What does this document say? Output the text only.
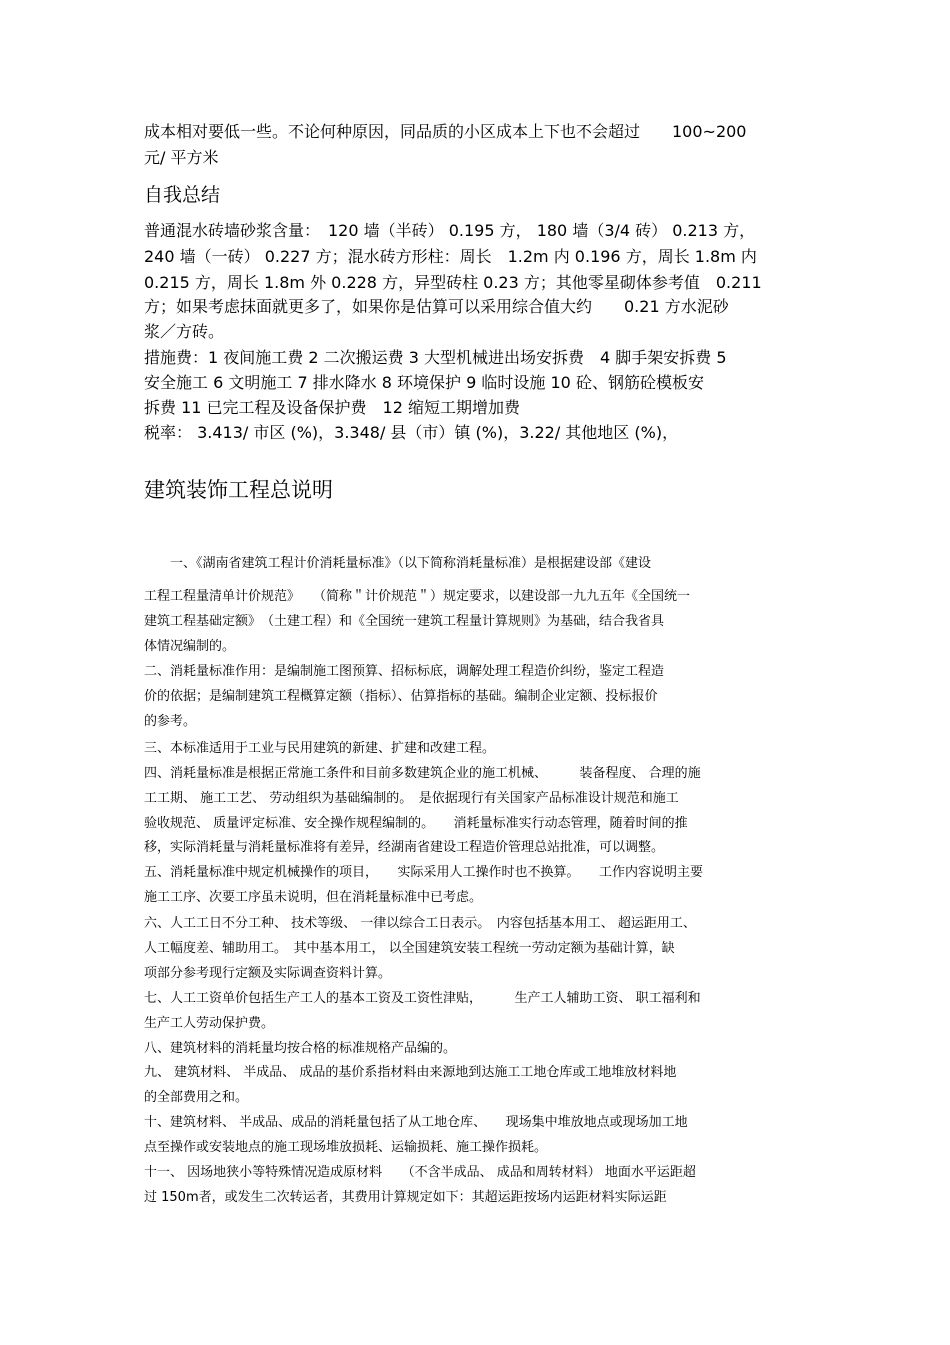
成本相对要低一些。不论何种原因，同品质的小区成本上下也不会超过　　100~200
元/ 平方米
自我总结
普通混水砖墙砂浆含量：　120 墙（半砖） 0.195 方， 180 墙（3/4 砖） 0.213 方，
240 墙（一砖） 0.227 方；混水砖方形柱：周长　1.2m 内 0.196 方，周长 1.8m 内
0.215 方，周长 1.8m 外 0.228 方，异型砖柱 0.23 方；其他零星砌体参考值　0.211
方；如果考虑抹面就更多了，如果你是估算可以采用综合值大约　　0.21 方水泥砂
浆／方砖。
措施费：1 夜间施工费 2 二次搬运费 3 大型机械进出场安拆费　4 脚手架安拆费 5
安全施工 6 文明施工 7 排水降水 8 环境保护 9 临时设施 10 砼、钢筋砼模板安
拆费 11 已完工程及设备保护费　12 缩短工期增加费
税率： 3.413/ 市区 (%)，3.348/ 县（市）镇 (%)，3.22/ 其他地区 (%)，
建筑装饰工程总说明
　　一、《湖南省建筑工程计价消耗量标准》（以下简称消耗量标准）是根据建设部《建设
工程工程量清单计价规范》　　（简称＂计价规范＂）规定要求，以建设部一九九五年《全国统一
建筑工程基础定额》　（土建工程）和《全国统一建筑工程量计算规则》为基础，结合我省具
体情况编制的。
二、消耗量标准作用：是编制施工图预算、招标标底，调解处理工程造价纠纷，鉴定工程造
价的依据；是编制建筑工程概算定额（指标）、估算指标的基础。编制企业定额、投标报价
的参考。
三、本标准适用于工业与民用建筑的新建、扩建和改建工程。
四、消耗量标准是根据正常施工条件和目前多数建筑企业的施工机械、　　　装备程度、 合理的施
工工期、 施工工艺、 劳动组织为基础编制的。　是依据现行有关国家产品标准设计规范和施工
验收规范、 质量评定标准、安全操作规程编制的。　　消耗量标准实行动态管理，随着时间的推
移，实际消耗量与消耗量标准将有差异，经湖南省建设工程造价管理总站批准，可以调整。
五、消耗量标准中规定机械操作的项目，　　实际采用人工操作时也不换算。　　工作内容说明主要
施工工序、次要工序虽未说明，但在消耗量标准中已考虑。
六、人工工日不分工种、 技术等级、 一律以综合工日表示。　内容包括基本用工、 超运距用工、
人工幅度差、辅助用工。　其中基本用工， 以全国建筑安装工程统一劳动定额为基础计算，缺
项部分参考现行定额及实际调查资料计算。
七、人工工资单价包括生产工人的基本工资及工资性津贴，　　　生产工人辅助工资、 职工福利和
生产工人劳动保护费。
八、建筑材料的消耗量均按合格的标准规格产品编的。
九、 建筑材料、 半成品、 成品的基价系指材料由来源地到达施工工地仓库或工地堆放材料地
的全部费用之和。
十、建筑材料、 半成品、成品的消耗量包括了从工地仓库、　　现场集中堆放地点或现场加工地
点至操作或安装地点的施工现场堆放损耗、运输损耗、施工操作损耗。
十一、 因场地狭小等特殊情况造成原材料　　（不含半成品、 成品和周转材料） 地面水平运距超
过 150m者，或发生二次转运者，其费用计算规定如下：其超运距按场内运距材料实际运距
